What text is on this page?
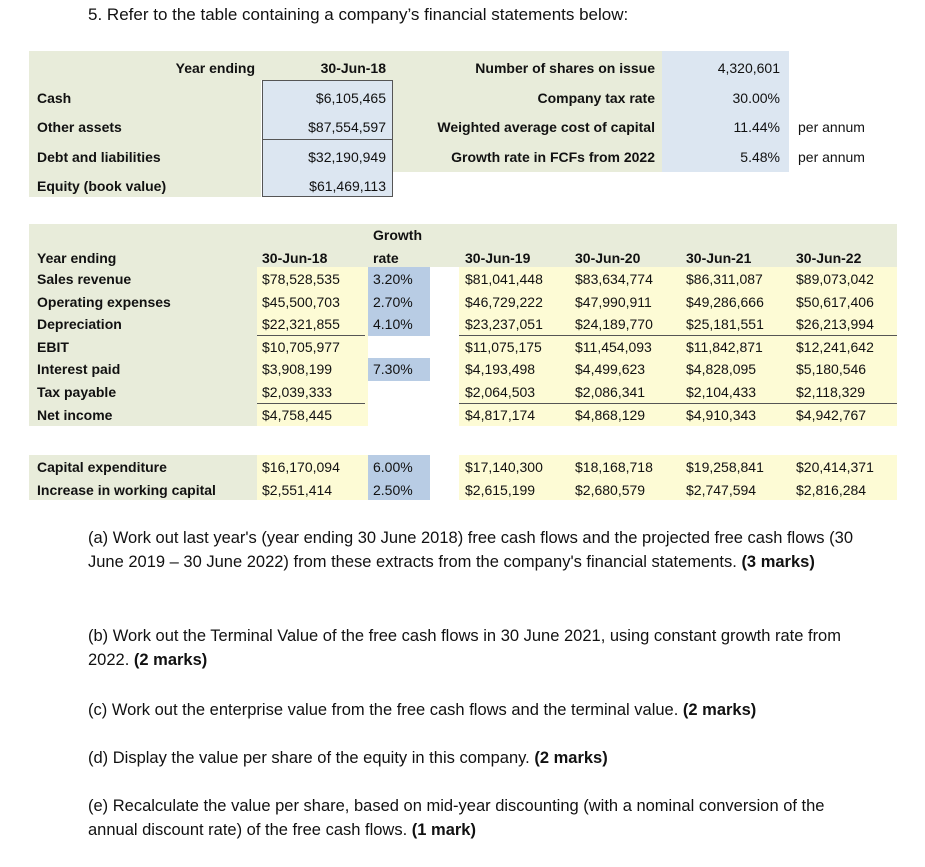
5. Refer to the table containing a company’s financial statements below:
Year ending	30-Jun-18
Cash	$6,105,465
Other assets	$87,554,597
Debt and liabilities	$32,190,949
Equity (book value)	$61,469,113
Number of shares on issue	4,320,601
Company tax rate	30.00%
Weighted average cost of capital	11.44% per annum
Growth rate in FCFs from 2022	5.48% per annum
Growth
rate
Year ending	30-Jun-18	30-Jun-19	30-Jun-20	30-Jun-21	30-Jun-22
Sales revenue	$78,528,535 3.20%	$81,041,448 $83,634,774 $86,311,087 $89,073,042
Operating expenses	$45,500,703 2.70%	$46,729,222 $47,990,911 $49,286,666 $50,617,406
Depreciation	$22,321,855 4.10%	$23,237,051 $24,189,770 $25,181,551 $26,213,994
EBIT	$10,705,977	$11,075,175 $11,454,093 $11,842,871 $12,241,642
Interest paid	$3,908,199	7.30%	$4,193,498	$4,499,623	$4,828,095	$5,180,546
Tax payable	$2,039,333	$2,064,503	$2,086,341	$2,104,433	$2,118,329
Net income	$4,758,445	$4,817,174	$4,868,129	$4,910,343	$4,942,767
Capital expenditure	$16,170,094 6.00%	$17,140,300 $18,168,718 $19,258,841 $20,414,371
Increase in working capital	$2,551,414	2.50%	$2,615,199	$2,680,579	$2,747,594	$2,816,284
(a) Work out last year's (year ending 30 June 2018) free cash flows and the projected free cash flows (30 June 2019 – 30 June 2022) from these extracts from the company's financial statements. (3 marks)
(b) Work out the Terminal Value of the free cash flows in 30 June 2021, using constant growth rate from 2022. (2 marks)
(c) Work out the enterprise value from the free cash flows and the terminal value. (2 marks)
(d) Display the value per share of the equity in this company. (2 marks)
(e) Recalculate the value per share, based on mid-year discounting (with a nominal conversion of the annual discount rate) of the free cash flows. (1 mark)
